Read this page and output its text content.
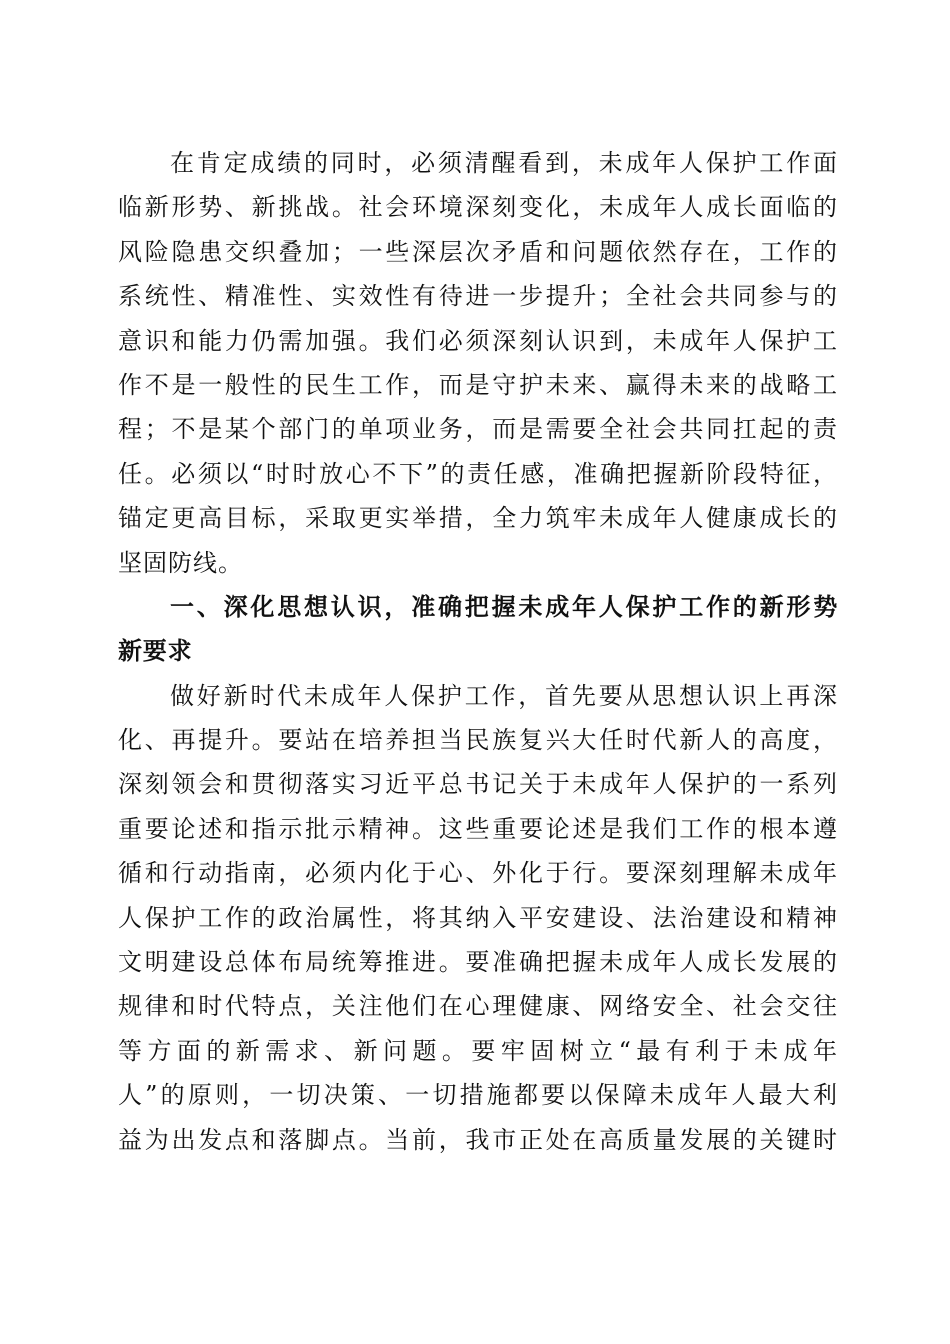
在肯定成绩的同时，必须清醒看到，未成年人保护工作面
临新形势、新挑战。社会环境深刻变化，未成年人成长面临的
风险隐患交织叠加；一些深层次矛盾和问题依然存在，工作的
系统性、精准性、实效性有待进一步提升；全社会共同参与的
意识和能力仍需加强。我们必须深刻认识到，未成年人保护工
作不是一般性的民生工作，而是守护未来、赢得未来的战略工
程；不是某个部门的单项业务，而是需要全社会共同扛起的责
任。必须以“时时放心不下”的责任感，准确把握新阶段特征，
锚定更高目标，采取更实举措，全力筑牢未成年人健康成长的
坚固防线。
一、深化思想认识，准确把握未成年人保护工作的新形势
新要求
做好新时代未成年人保护工作，首先要从思想认识上再深
化、再提升。要站在培养担当民族复兴大任时代新人的高度，
深刻领会和贯彻落实习近平总书记关于未成年人保护的一系列
重要论述和指示批示精神。这些重要论述是我们工作的根本遵
循和行动指南，必须内化于心、外化于行。要深刻理解未成年
人保护工作的政治属性，将其纳入平安建设、法治建设和精神
文明建设总体布局统筹推进。要准确把握未成年人成长发展的
规律和时代特点，关注他们在心理健康、网络安全、社会交往
等方面的新需求、新问题。要牢固树立“最有利于未成年
人”的原则，一切决策、一切措施都要以保障未成年人最大利
益为出发点和落脚点。当前，我市正处在高质量发展的关键时
